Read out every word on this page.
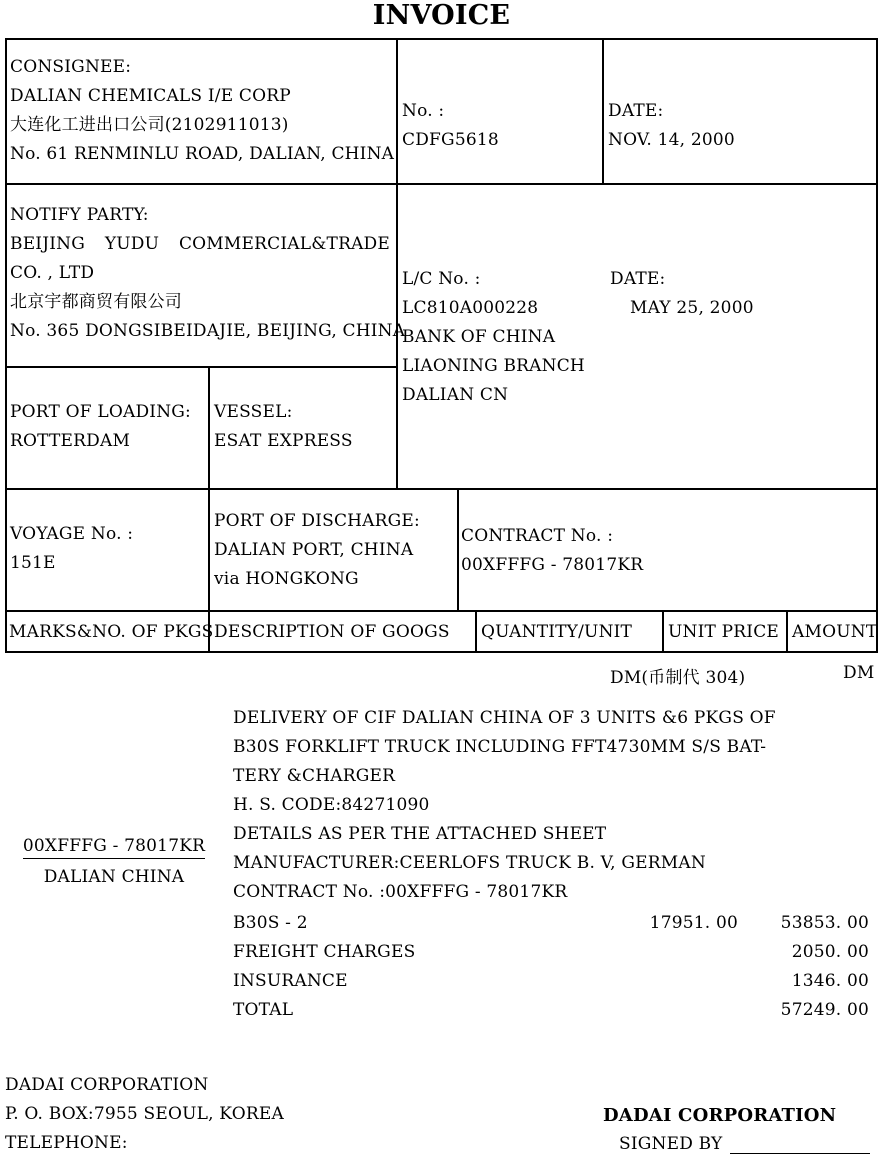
INVOICE
CONSIGNEE:
DALIAN CHEMICALS I/E CORP
大连化工进出口公司(2102911013)
No. 61 RENMINLU ROAD, DALIAN, CHINA
No. :
CDFG5618
DATE:
NOV. 14, 2000
NOTIFY PARTY:
BEIJING YUDU COMMERCIAL&TRADE
CO. , LTD
北京宇都商贸有限公司
No. 365 DONGSIBEIDAJIE, BEIJING, CHINA
L/C No. :
LC810A000228
BANK OF CHINA
LIAONING BRANCH
DALIAN CN
DATE:
MAY 25, 2000
PORT OF LOADING:
ROTTERDAM
VESSEL:
ESAT EXPRESS
VOYAGE No. :
151E
PORT OF DISCHARGE:
DALIAN PORT, CHINA
via HONGKONG
CONTRACT No. :
00XFFFG - 78017KR
MARKS&NO. OF PKGS DESCRIPTION OF GOOGS QUANTITY/UNIT UNIT PRICE AMOUNT
DM(币制代 304)	DM
00XFFFG - 78017KR
DALIAN CHINA
DELIVERY OF CIF DALIAN CHINA OF 3 UNITS &6 PKGS OF
B30S FORKLIFT TRUCK INCLUDING FFT4730MM S/S BAT-
TERY &CHARGER
H. S. CODE:84271090
DETAILS AS PER THE ATTACHED SHEET
MANUFACTURER:CEERLOFS TRUCK B. V, GERMAN
CONTRACT No. :00XFFFG - 78017KR
B30S - 2	17951. 00	53853. 00
FREIGHT CHARGES	2050. 00
INSURANCE	1346. 00
TOTAL	57249. 00
DADAI CORPORATION
P. O. BOX:7955 SEOUL, KOREA
TELEPHONE:
DADAI CORPORATION
SIGNED BY
